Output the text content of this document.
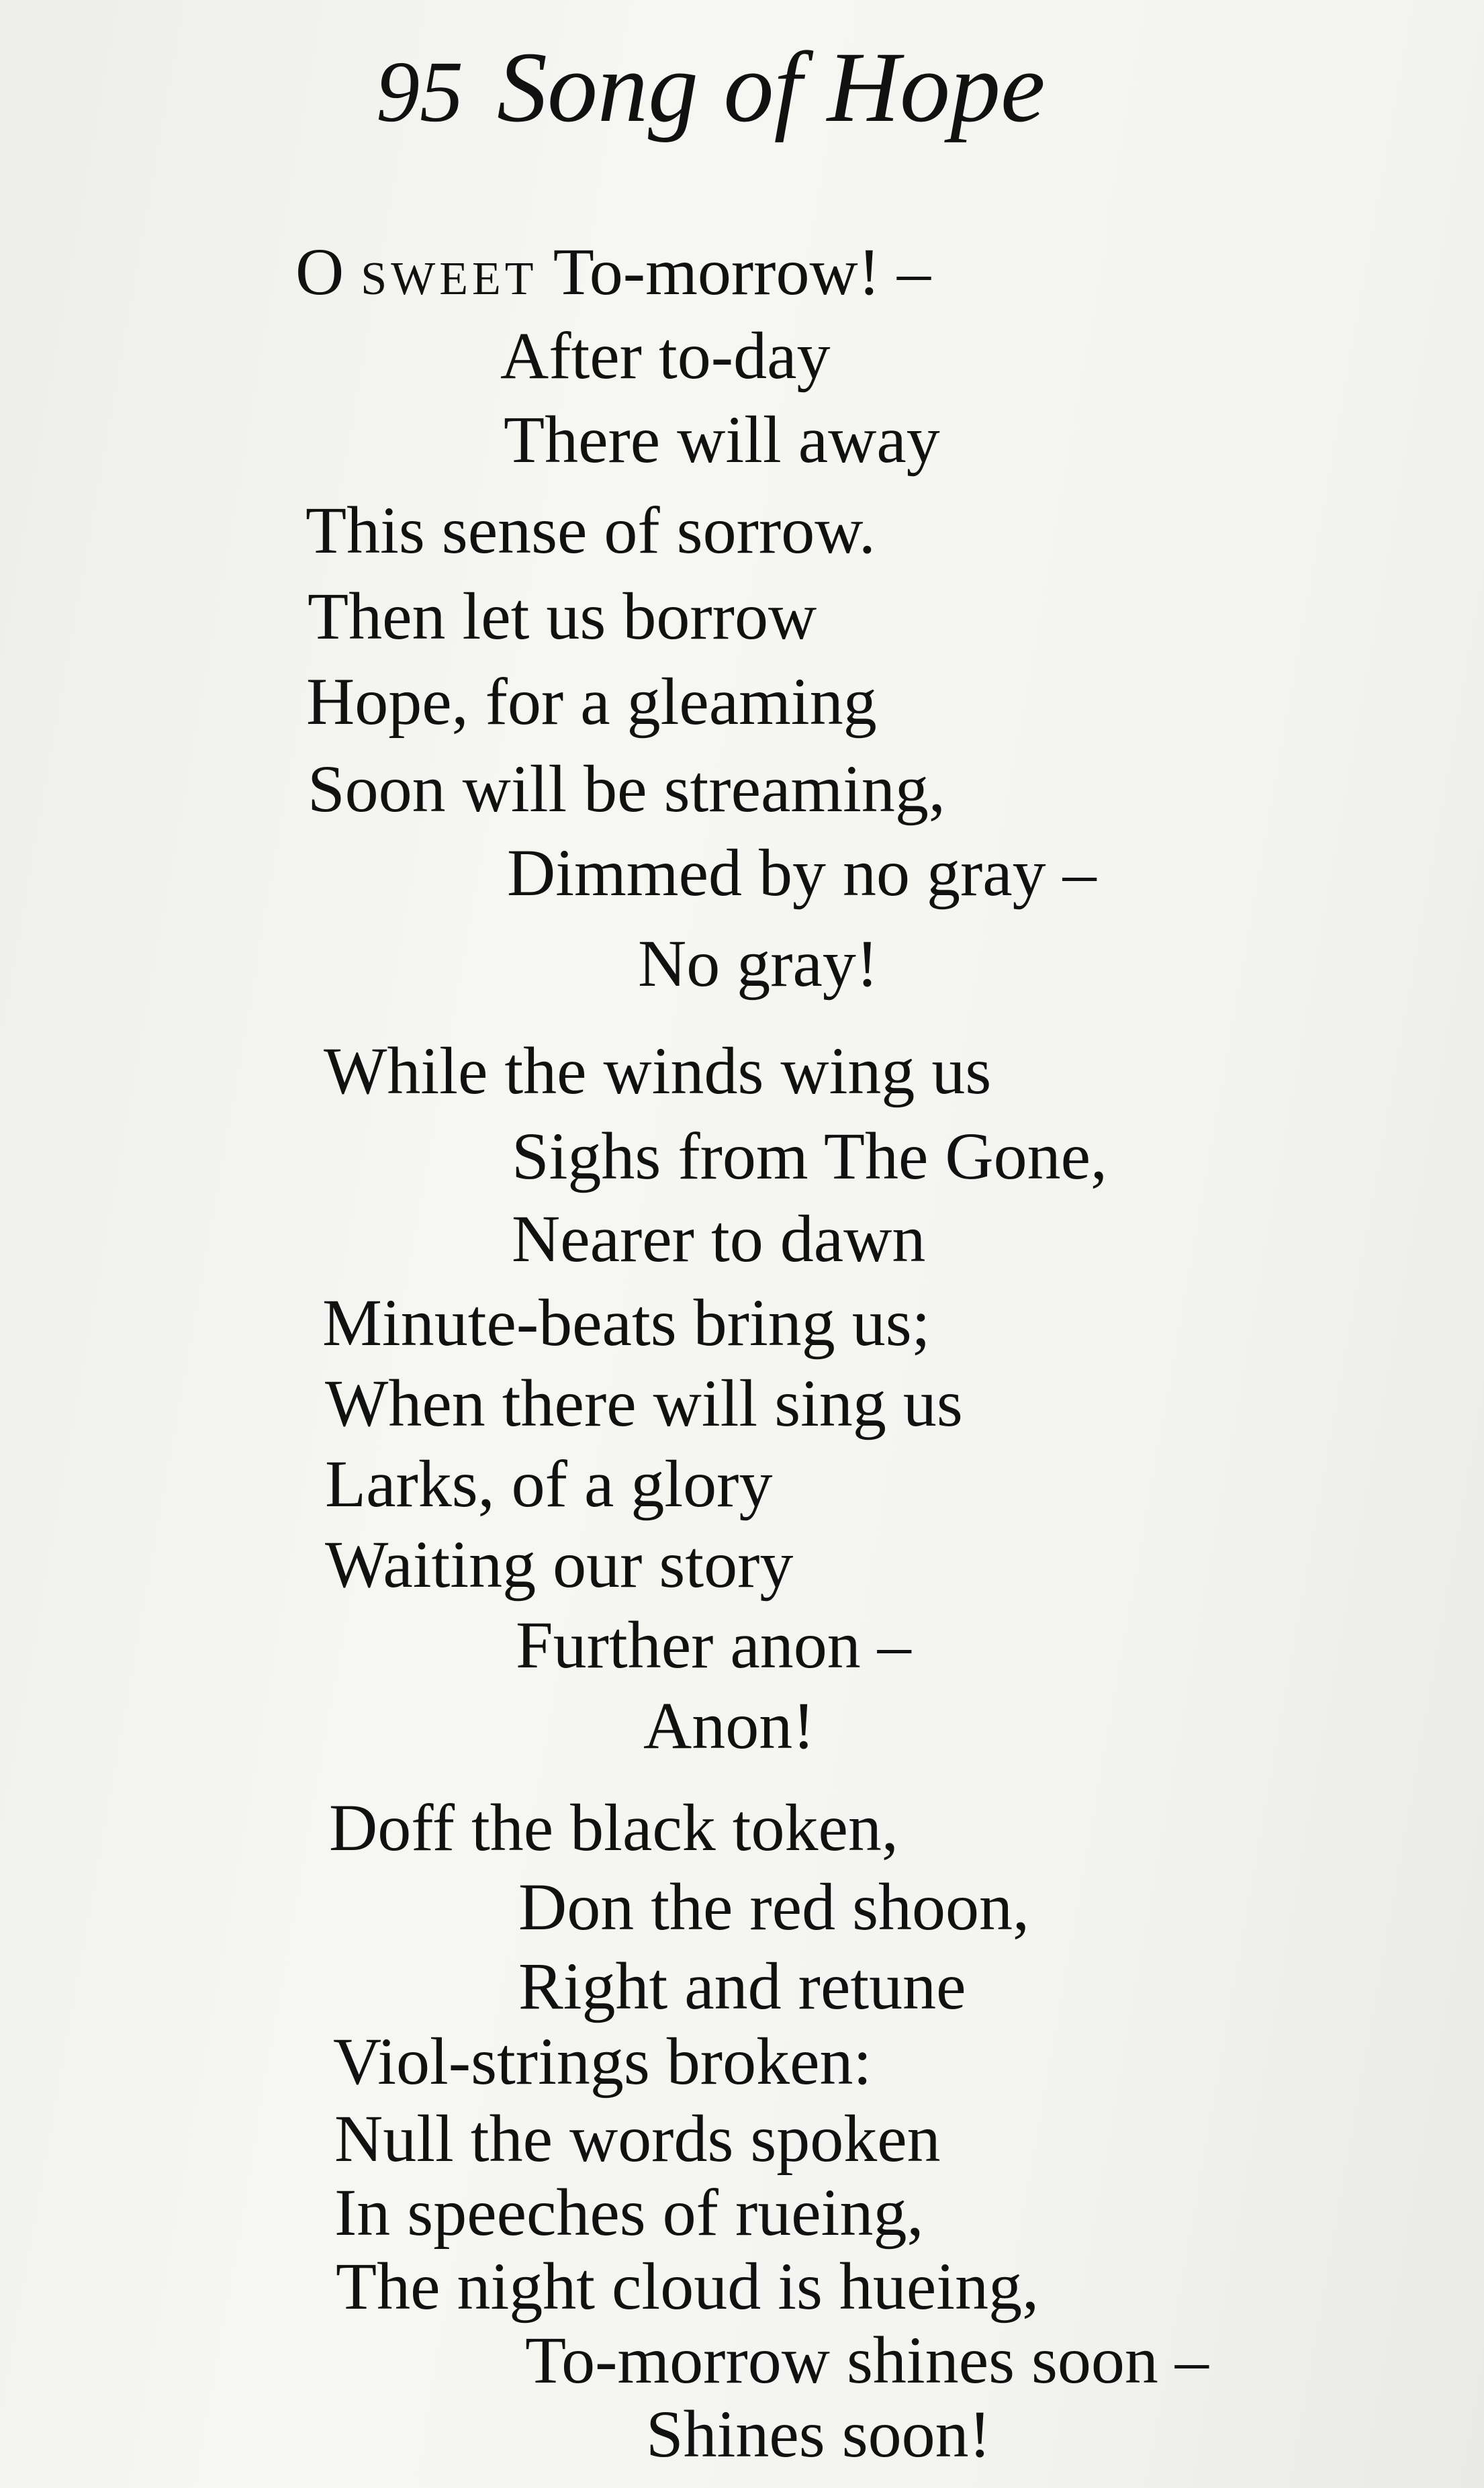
95 Song of Hope

O sweet To-morrow! –

After to-day

There will away

This sense of sorrow.

Then let us borrow

Hope, for a gleaming

Soon will be streaming,

Dimmed by no gray –

No gray!

While the winds wing us

Sighs from The Gone,

Nearer to dawn

Minute-beats bring us;

When there will sing us

Larks, of a glory

Waiting our story

Further anon –

Anon!

Doff the black token,

Don the red shoon,

Right and retune

Viol-strings broken:

Null the words spoken

In speeches of rueing,

The night cloud is hueing,

To-morrow shines soon –

Shines soon!
